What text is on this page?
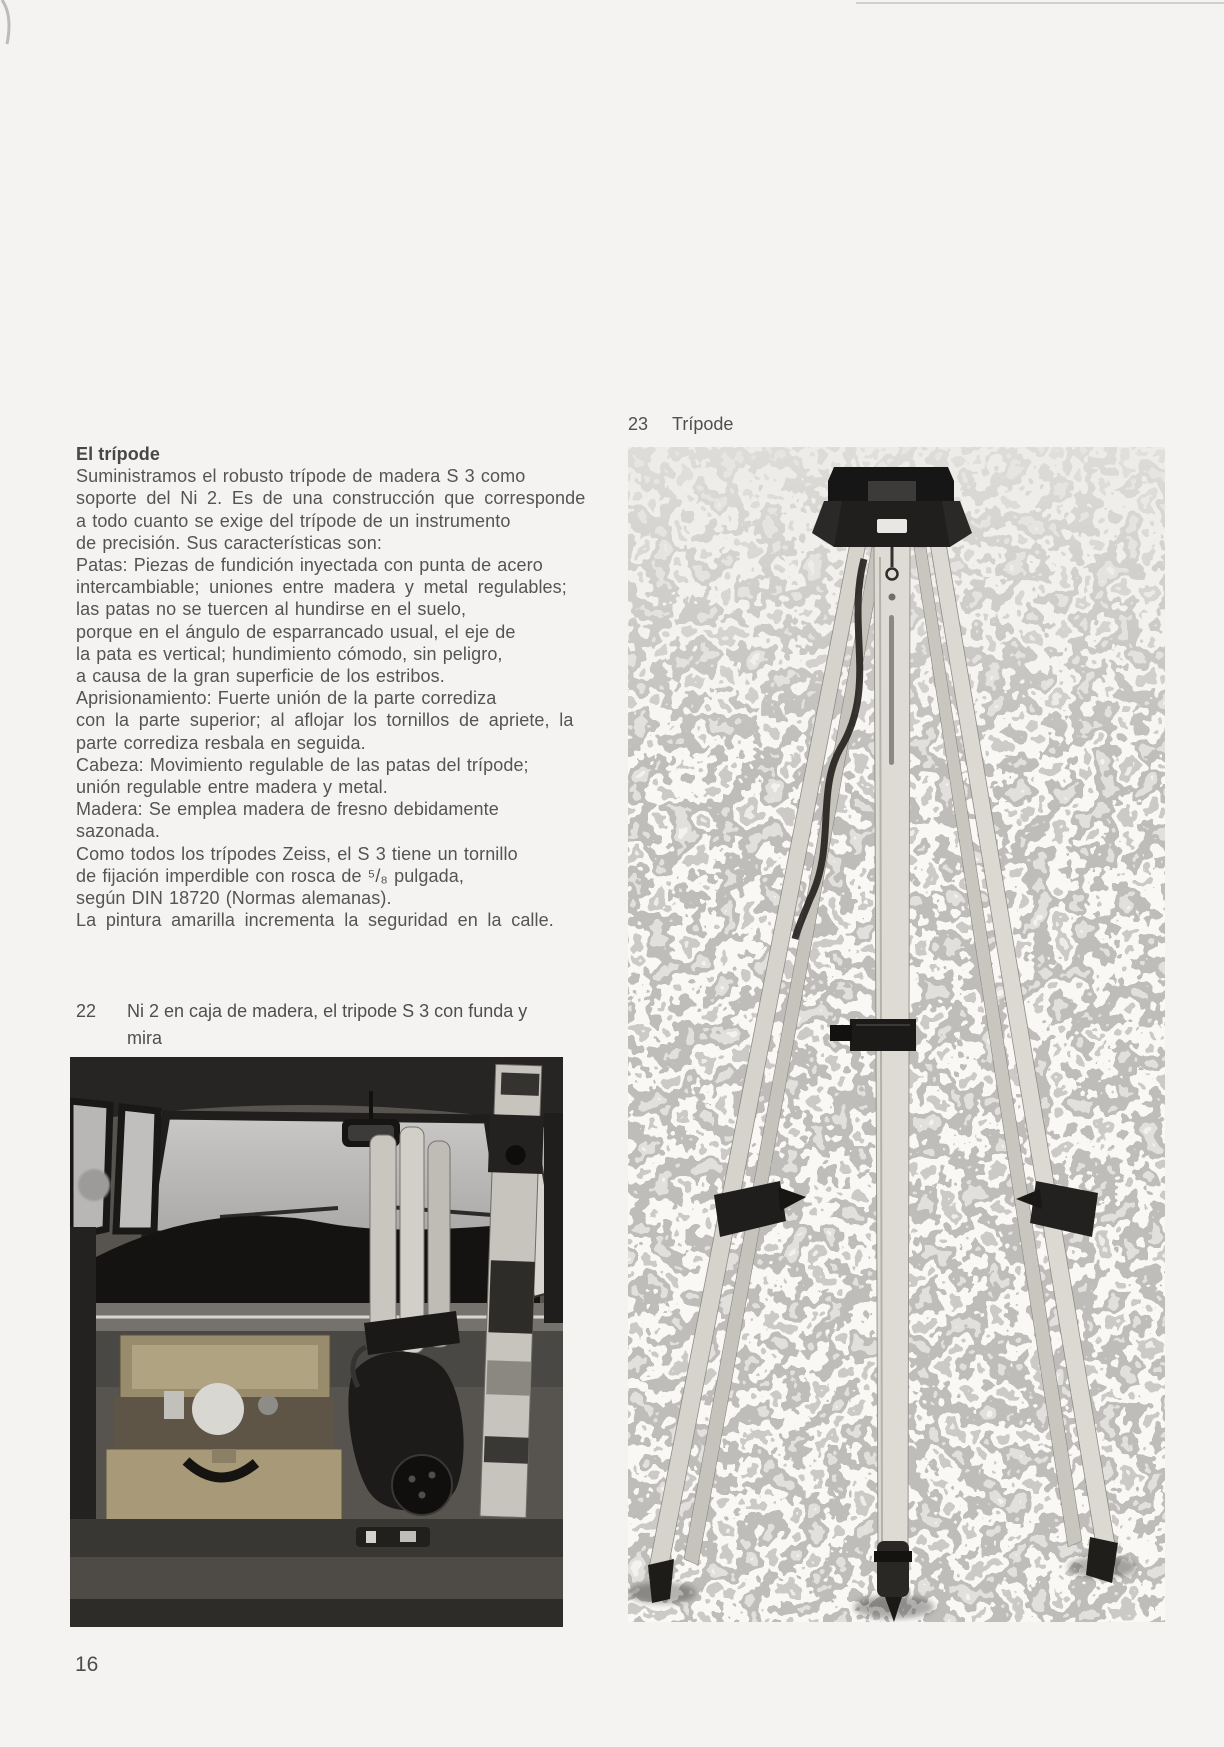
El trípode
Suministramos el robusto trípode de madera S 3 como
soporte del Ni 2. Es de una construcción que corresponde
a todo cuanto se exige del trípode de un instrumento
de precisión. Sus características son:
Patas: Piezas de fundición inyectada con punta de acero
intercambiable; uniones entre madera y metal regulables;
las patas no se tuercen al hundirse en el suelo,
porque en el ángulo de esparrancado usual, el eje de
la pata es vertical; hundimiento cómodo, sin peligro,
a causa de la gran superficie de los estribos.
Aprisionamiento: Fuerte unión de la parte corrediza
con la parte superior; al aflojar los tornillos de apriete, la
parte corrediza resbala en seguida.
Cabeza: Movimiento regulable de las patas del trípode;
unión regulable entre madera y metal.
Madera: Se emplea madera de fresno debidamente
sazonada.
Como todos los trípodes Zeiss, el S 3 tiene un tornillo
de fijación imperdible con rosca de ⁵/₈ pulgada,
según DIN 18720 (Normas alemanas).
La pintura amarilla incrementa la seguridad en la calle.
23 Trípode
22 Ni 2 en caja de madera, el tripode S 3 con funda y mira
16
